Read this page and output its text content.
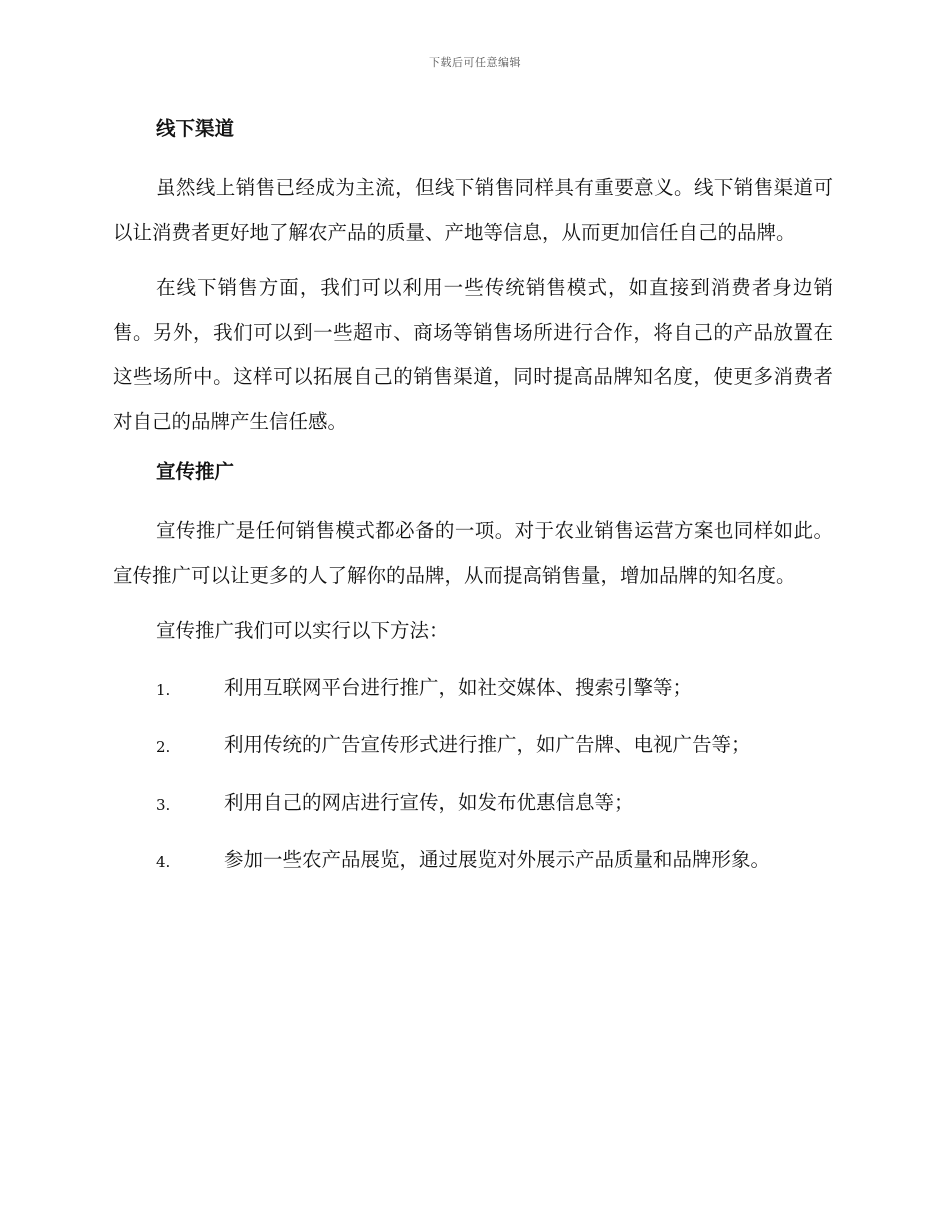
下载后可任意编辑
线下渠道

虽然线上销售已经成为主流，但线下销售同样具有重要意义。线下销售渠道可以让消费者更好地了解农产品的质量、产地等信息，从而更加信任自己的品牌。

在线下销售方面，我们可以利用一些传统销售模式，如直接到消费者身边销售。另外，我们可以到一些超市、商场等销售场所进行合作，将自己的产品放置在这些场所中。这样可以拓展自己的销售渠道，同时提高品牌知名度，使更多消费者对自己的品牌产生信任感。

宣传推广

宣传推广是任何销售模式都必备的一项。对于农业销售运营方案也同样如此。宣传推广可以让更多的人了解你的品牌，从而提高销售量，增加品牌的知名度。

宣传推广我们可以实行以下方法：

1.	利用互联网平台进行推广，如社交媒体、搜索引擎等；
2.	利用传统的广告宣传形式进行推广，如广告牌、电视广告等；
3.	利用自己的网店进行宣传，如发布优惠信息等；
4.	参加一些农产品展览，通过展览对外展示产品质量和品牌形象。
